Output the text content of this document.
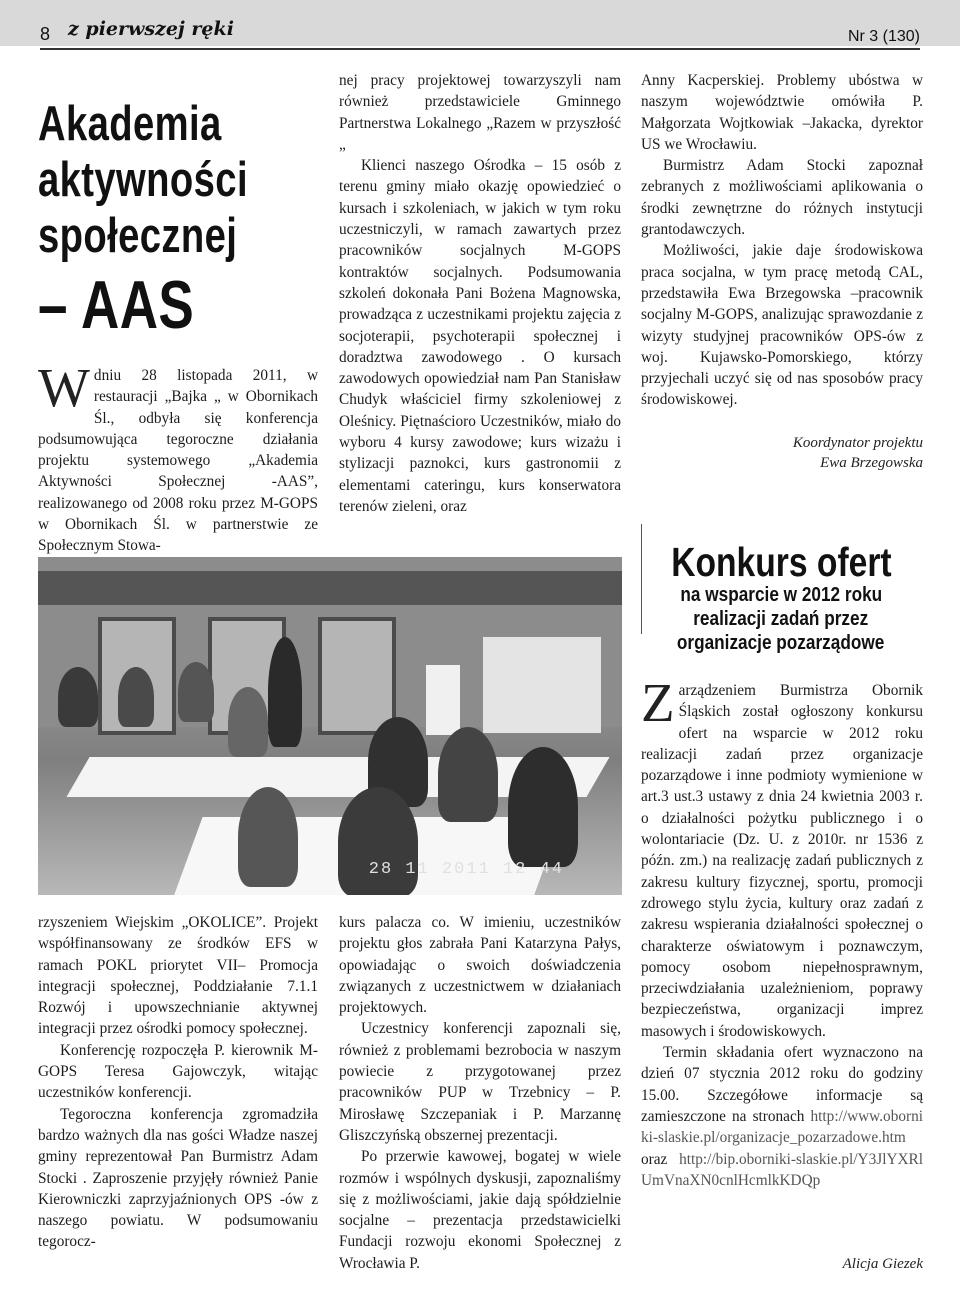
8 z pierwszej ręki	Nr 3 (130)
Akademia
aktywności
społecznej
– AAS

Wdniu 28 listopada 2011, w restauracji „Bajka „ w Obornikach Śl., odbyła się konferencja podsumowująca tegoroczne działania projektu systemowego „Akademia Aktywności Społecznej -AAS”, realizowanego od 2008 roku przez M-GOPS w Obornikach Śl. w partnerstwie ze Społecznym Stowa-

nej pracy projektowej towarzyszyli nam również przedstawiciele Gminnego Partnerstwa Lokalnego „Razem w przyszłość „

Klienci naszego Ośrodka – 15 osób z terenu gminy miało okazję opowiedzieć o kursach i szkoleniach, w jakich w tym roku uczestniczyli, w ramach zawartych przez pracowników socjalnych M-GOPS kontraktów socjalnych. Podsumowania szkoleń dokonała Pani Bożena Magnowska, prowadząca z uczestnikami projektu zajęcia z socjoterapii, psychoterapii społecznej i doradztwa zawodowego . O kursach zawodowych opowiedział nam Pan Stanisław Chudyk właściciel firmy szkoleniowej z Oleśnicy. Piętnaścioro Uczestników, miało do wyboru 4 kursy zawodowe; kurs wizażu i stylizacji paznokci, kurs gastronomii z elementami cateringu, kurs konserwatora terenów zieleni, oraz

28 11 2011 12 44

rzyszeniem Wiejskim „OKOLICE”. Projekt współfinansowany ze środków EFS w ramach POKL priorytet VII– Promocja integracji społecznej, Poddziałanie 7.1.1 Rozwój i upowszechnianie aktywnej integracji przez ośrodki pomocy społecznej.

Konferencję rozpoczęła P. kierownik M-GOPS Teresa Gajowczyk, witając uczestników konferencji.

Tegoroczna konferencja zgromadziła bardzo ważnych dla nas gości Władze naszej gminy reprezentował Pan Burmistrz Adam Stocki . Zaproszenie przyjęły również Panie Kierowniczki zaprzyjaźnionych OPS -ów z naszego powiatu. W podsumowaniu tegorocz-

kurs palacza co. W imieniu, uczestników projektu głos zabrała Pani Katarzyna Pałys, opowiadając o swoich doświadczenia związanych z uczestnictwem w działaniach projektowych.

Uczestnicy konferencji zapoznali się, również z problemami bezrobocia w naszym powiecie z przygotowanej przez pracowników PUP w Trzebnicy – P. Mirosławę Szczepaniak i P. Marzannę Gliszczyńską obszernej prezentacji.

Po przerwie kawowej, bogatej w wiele rozmów i wspólnych dyskusji, zapoznaliśmy się z możliwościami, jakie dają spółdzielnie socjalne – prezentacja przedstawicielki Fundacji rozwoju ekonomi Społecznej z Wrocławia P.

Anny Kacperskiej. Problemy ubóstwa w naszym województwie omówiła P. Małgorzata Wojtkowiak –Jakacka, dyrektor US we Wrocławiu.

Burmistrz Adam Stocki zapoznał zebranych z możliwościami aplikowania o środki zewnętrzne do różnych instytucji grantodawczych.

Możliwości, jakie daje środowiskowa praca socjalna, w tym pracę metodą CAL, przedstawiła Ewa Brzegowska –pracownik socjalny M-GOPS, analizując sprawozdanie z wizyty studyjnej pracowników OPS-ów z woj. Kujawsko-Pomorskiego, którzy przyjechali uczyć się od nas sposobów pracy środowiskowej.

Koordynator projektu
Ewa Brzegowska
Konkurs ofert
na wsparcie w 2012 roku
realizacji zadań przez
organizacje pozarządowe

Zarządzeniem Burmistrza Obornik Śląskich został ogłoszony konkursu ofert na wsparcie w 2012 roku realizacji zadań przez organizacje pozarządowe i inne podmioty wymienione w art.3 ust.3 ustawy z dnia 24 kwietnia 2003 r. o działalności pożytku publicznego i o wolontariacie (Dz. U. z 2010r. nr 1536 z późn. zm.) na realizację zadań publicznych z zakresu kultury fizycznej, sportu, promocji zdrowego stylu życia, kultury oraz zadań z zakresu wspierania działalności społecznej o charakterze oświatowym i poznawczym, pomocy osobom niepełnosprawnym, przeciwdziałania uzależnieniom, poprawy bezpieczeństwa, organizacji imprez masowych i środowiskowych.

Termin składania ofert wyznaczono na dzień 07 stycznia 2012 roku do godziny 15.00. Szczegółowe informacje są zamieszczone na stronach http://www.oborniki-slaskie.pl/organizacje_pozarzadowe.htm oraz http://bip.oborniki-slaskie.pl/Y3JlYXRlUmVnaXN0cnlHcmlkKDQp

Alicja Giezek
